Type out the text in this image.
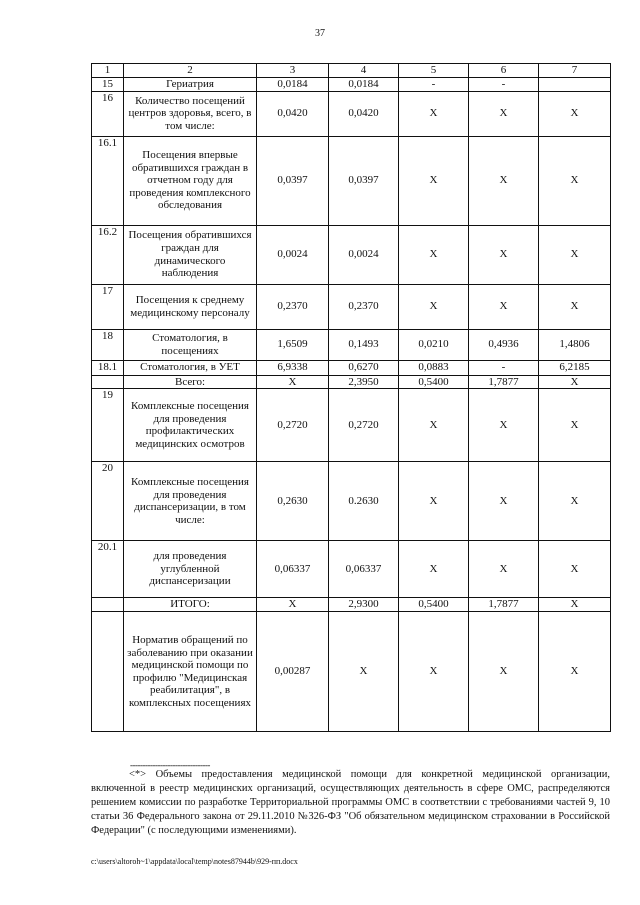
37
1	2	3	4	5	6	7
15	Гериатрия	0,0184	0,0184	-	-	
16	Количество посещений центров здоровья, всего, в том числе:	0,0420	0,0420	X	X	X
16.1	Посещения впервые обратившихся граждан в отчетном году для проведения комплексного обследования	0,0397	0,0397	X	X	X
16.2	Посещения обратившихся граждан для динамического наблюдения	0,0024	0,0024	X	X	X
17	Посещения к среднему медицинскому персоналу	0,2370	0,2370	X	X	X
18	Стоматология, в посещениях	1,6509	0,1493	0,0210	0,4936	1,4806
18.1	Стоматология, в УЕТ	6,9338	0,6270	0,0883	-	6,2185
	Всего:	X	2,3950	0,5400	1,7877	X
19	Комплексные посещения для проведения профилактических медицинских осмотров	0,2720	0,2720	X	X	X
20	Комплексные посещения для проведения диспансеризации, в том числе:	0,2630	0.2630	X	X	X
20.1	для проведения углубленной диспансеризации	0,06337	0,06337	X	X	X
	ИТОГО:	X	2,9300	0,5400	1,7877	X
	Норматив обращений по заболеванию при оказании медицинской помощи по профилю "Медицинская реабилитация", в комплексных посещениях	0,00287	X	X	X	X
--------------------------------
<*> Объемы предоставления медицинской помощи для конкретной медицинской организации, включенной в реестр медицинских организаций, осуществляющих деятельность в сфере ОМС, распределяются решением комиссии по разработке Территориальной программы ОМС в соответствии с требованиями частей 9, 10 статьи 36 Федерального закона от 29.11.2010 №326-ФЗ "Об обязательном медицинском страховании в Российской Федерации" (с последующими изменениями).
c:\users\altoroh~1\appdata\local\temp\notes87944b\929-пп.docx
